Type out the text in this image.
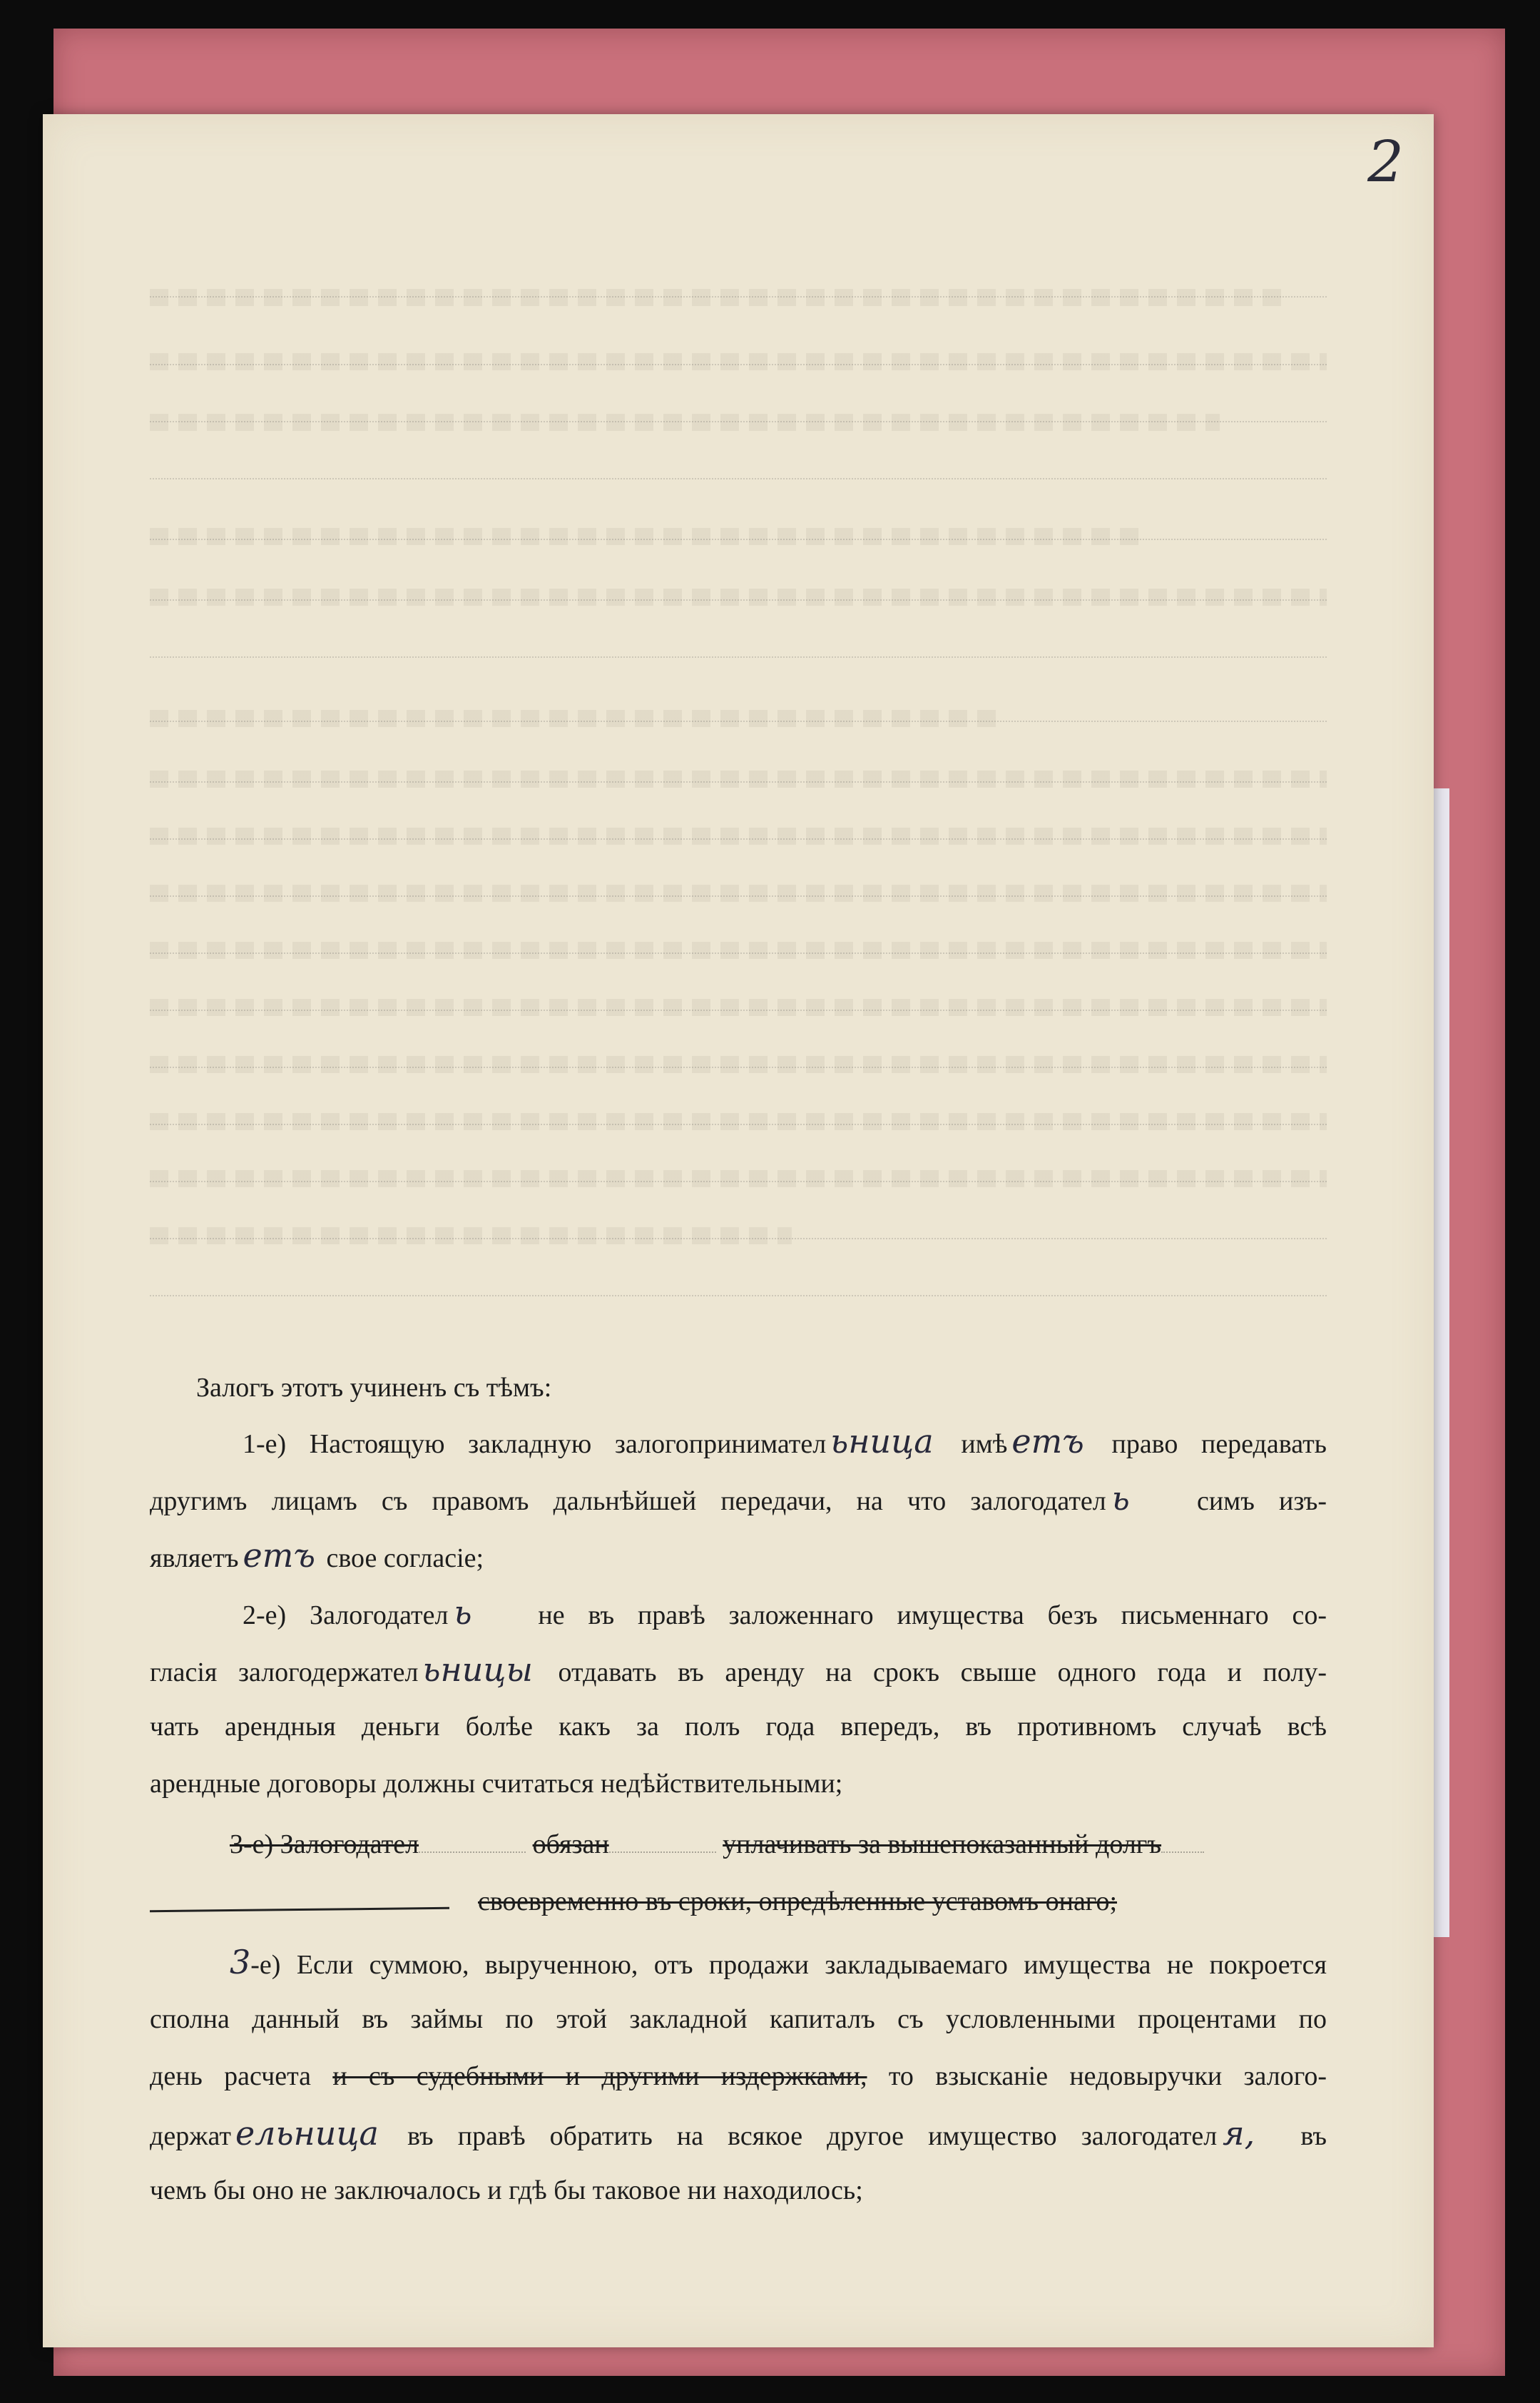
2
Залогъ этотъ учиненъ съ тѣмъ:
1-е) Настоящую закладную залогопринимател ьница имѣ етъ право передавать
другимъ лицамъ съ правомъ дальнѣйшей передачи, на что залогодател ь симъ изъ-
являетъ етъ свое согласіе;
2-е) Залогодател ь не въ правѣ заложеннаго имущества безъ письменнаго со-
гласія залогодержател ьницы отдавать въ аренду на срокъ свыше одного года и полу-
чать арендныя деньги болѣе какъ за полъ года впередъ, въ противномъ случаѣ всѣ
арендные договоры должны считаться недѣйствительными;
3-е) Залогодател	обязан	уплачивать за вышепоказанный долгъ
своевременно въ сроки, опредѣленные уставомъ онаго;
3-е) Если суммою, вырученною, отъ продажи закладываемаго имущества не покроется
сполна данный въ займы по этой закладной капиталъ съ условленными процентами по
день расчета и съ судебными и другими издержками, то взысканіе недовыручки залого-
держат ельница въ правѣ обратить на всякое другое имущество залогодател я, въ
чемъ бы оно не заключалось и гдѣ бы таковое ни находилось;
